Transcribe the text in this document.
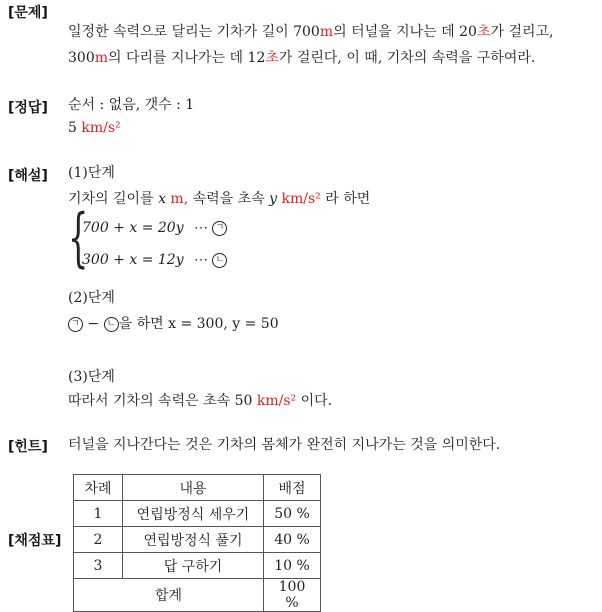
[문제]
[정답]
[해설]
[힌트]
[채점표]
일정한 속력으로 달리는 기차가 길이 700m의 터널을 지나는 데 20초가 걸리고,
300m의 다리를 지나가는 데 12초가 걸린다, 이 때, 기차의 속력을 구하여라.
순서 : 없음, 갯수 : 1
5 km/s²
(1)단계
기차의 길이를 x m, 속력을 초속 y km/s² 라 하면
{
700 + x = 20y ⋯ ㄱ
300 + x = 12y ⋯ ㄴ
(2)단계
ㄱ − ㄴ 을 하면 x = 300, y = 50
(3)단계
따라서 기차의 속력은 초속 50 km/s² 이다.
터널을 지나간다는 것은 기차의 몸체가 완전히 지나가는 것을 의미한다.
차례	내용	배점
1	연립방정식 세우기	50 %
2	연립방정식 풀기	40 %
3	답 구하기	10 %
합계		100 %
